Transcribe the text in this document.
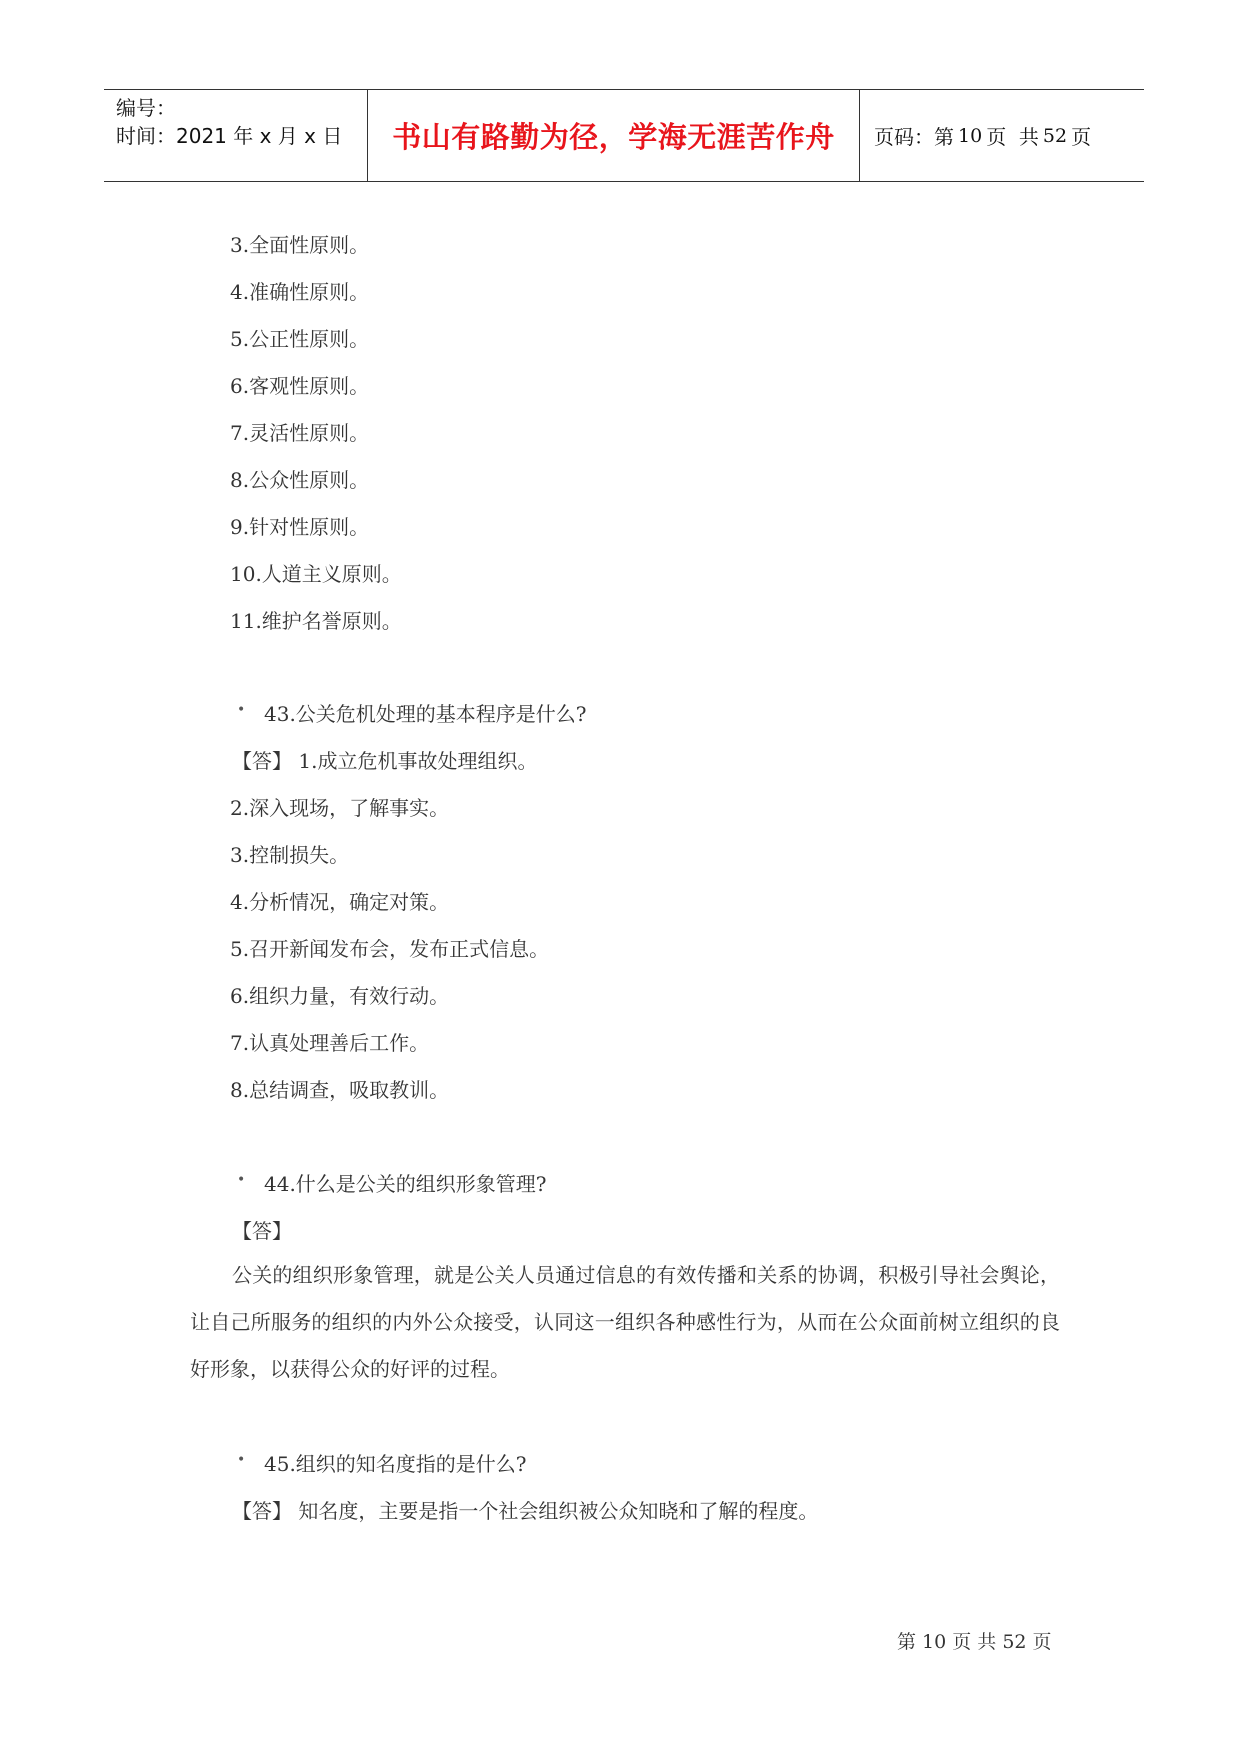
编号：
时间：2021 年 x 月 x 日	书山有路勤为径，学海无涯苦作舟	页码：第 10 页  共 52 页
3.全面性原则。
4.准确性原则。
5.公正性原则。
6.客观性原则。
7.灵活性原则。
8.公众性原则。
9.针对性原则。
10.人道主义原则。
11.维护名誉原则。
• 43.公关危机处理的基本程序是什么?
【答】 1.成立危机事故处理组织。
2.深入现场，了解事实。
3.控制损失。
4.分析情况，确定对策。
5.召开新闻发布会，发布正式信息。
6.组织力量，有效行动。
7.认真处理善后工作。
8.总结调查，吸取教训。
• 44.什么是公关的组织形象管理?
【答】
公关的组织形象管理，就是公关人员通过信息的有效传播和关系的协调，积极引导社会舆论，让自己所服务的组织的内外公众接受，认同这一组织各种感性行为，从而在公众面前树立组织的良好形象，以获得公众的好评的过程。
• 45.组织的知名度指的是什么?
【答】 知名度，主要是指一个社会组织被公众知晓和了解的程度。
第 10 页 共 52 页
